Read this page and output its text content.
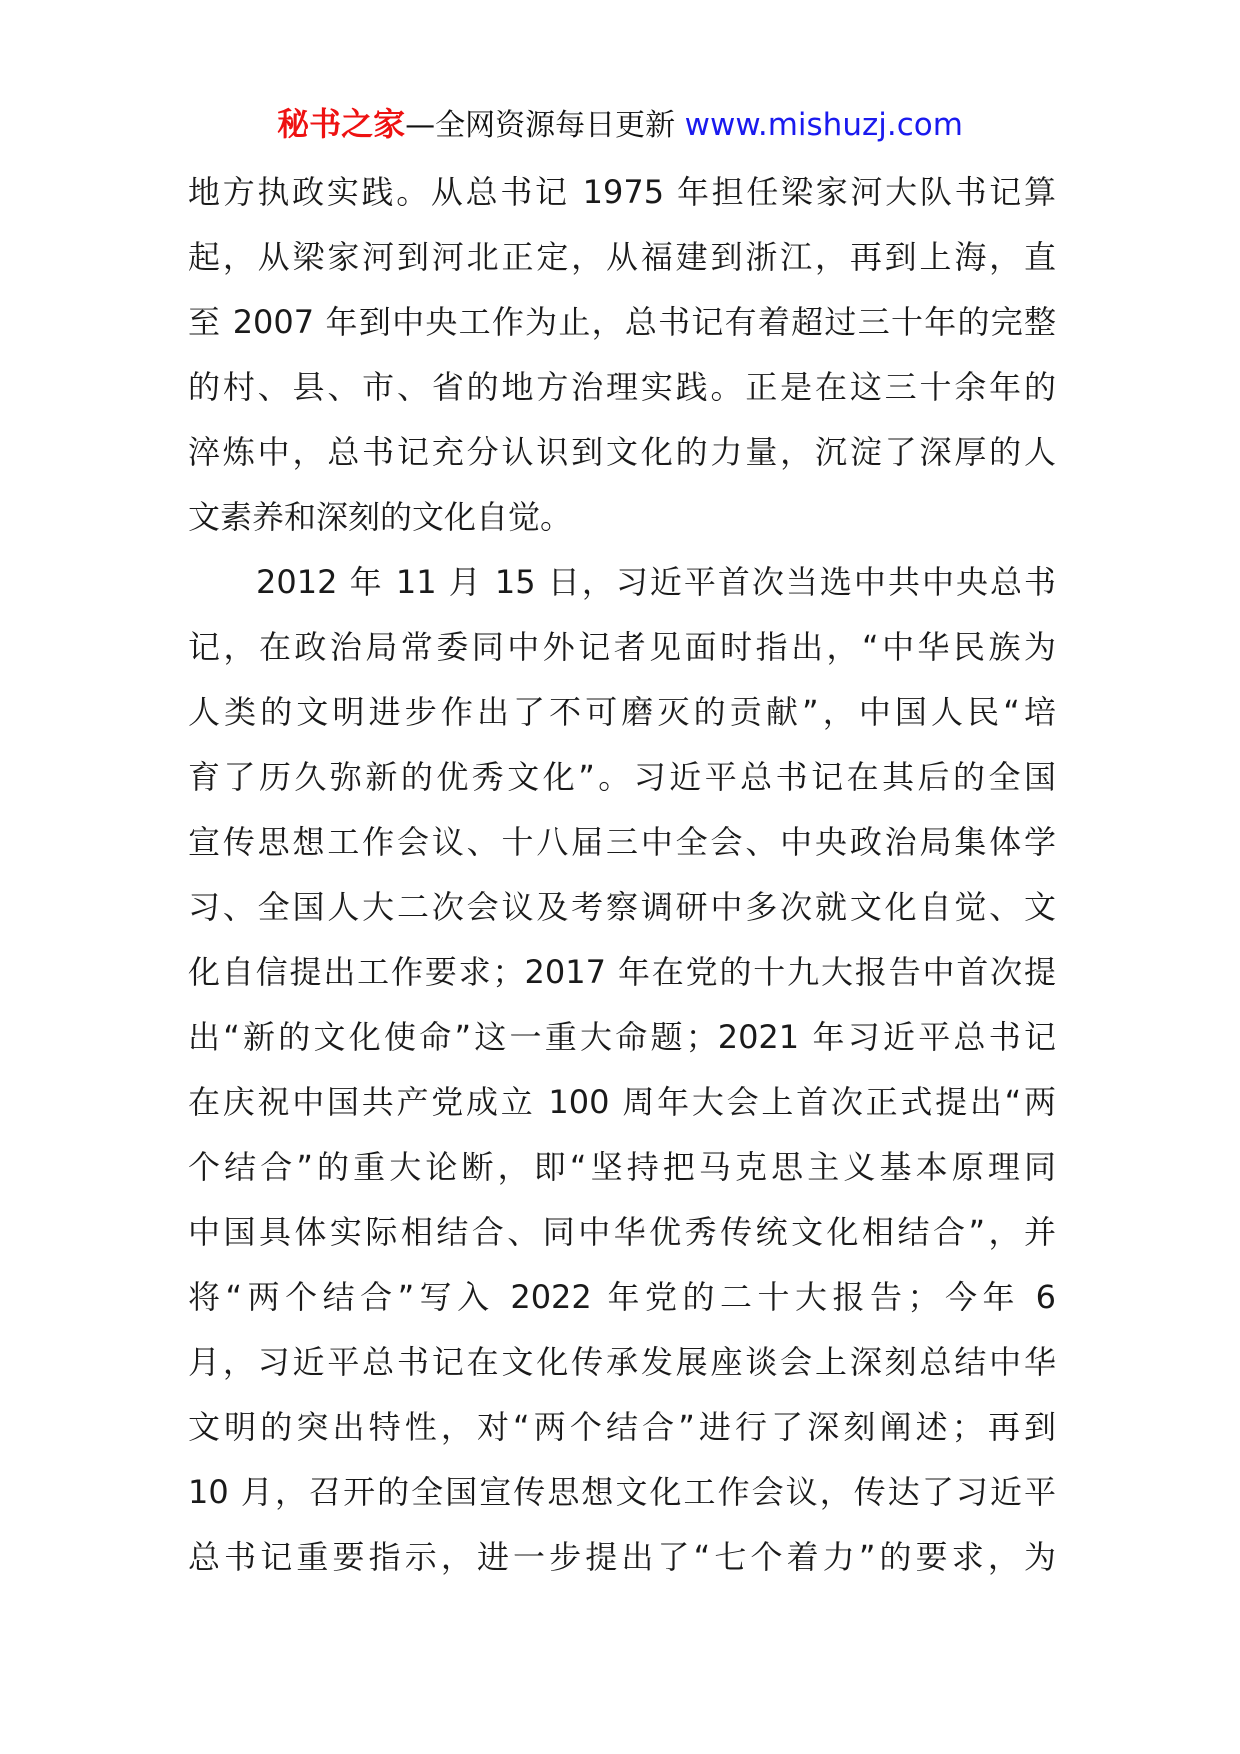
秘书之家—全网资源每日更新 www.mishuzj.com
地方执政实践。从总书记 1975 年担任梁家河大队书记算
起，从梁家河到河北正定，从福建到浙江，再到上海，直
至 2007 年到中央工作为止，总书记有着超过三十年的完整
的村、县、市、省的地方治理实践。正是在这三十余年的
淬炼中，总书记充分认识到文化的力量，沉淀了深厚的人
文素养和深刻的文化自觉。
　　2012 年 11 月 15 日，习近平首次当选中共中央总书
记，在政治局常委同中外记者见面时指出，“中华民族为
人类的文明进步作出了不可磨灭的贡献”，中国人民“培
育了历久弥新的优秀文化”。习近平总书记在其后的全国
宣传思想工作会议、十八届三中全会、中央政治局集体学
习、全国人大二次会议及考察调研中多次就文化自觉、文
化自信提出工作要求；2017 年在党的十九大报告中首次提
出“新的文化使命”这一重大命题；2021 年习近平总书记
在庆祝中国共产党成立 100 周年大会上首次正式提出“两
个结合”的重大论断，即“坚持把马克思主义基本原理同
中国具体实际相结合、同中华优秀传统文化相结合”，并
将“两个结合”写入 2022 年党的二十大报告；今年 6
月，习近平总书记在文化传承发展座谈会上深刻总结中华
文明的突出特性，对“两个结合”进行了深刻阐述；再到
10 月，召开的全国宣传思想文化工作会议，传达了习近平
总书记重要指示，进一步提出了“七个着力”的要求，为
